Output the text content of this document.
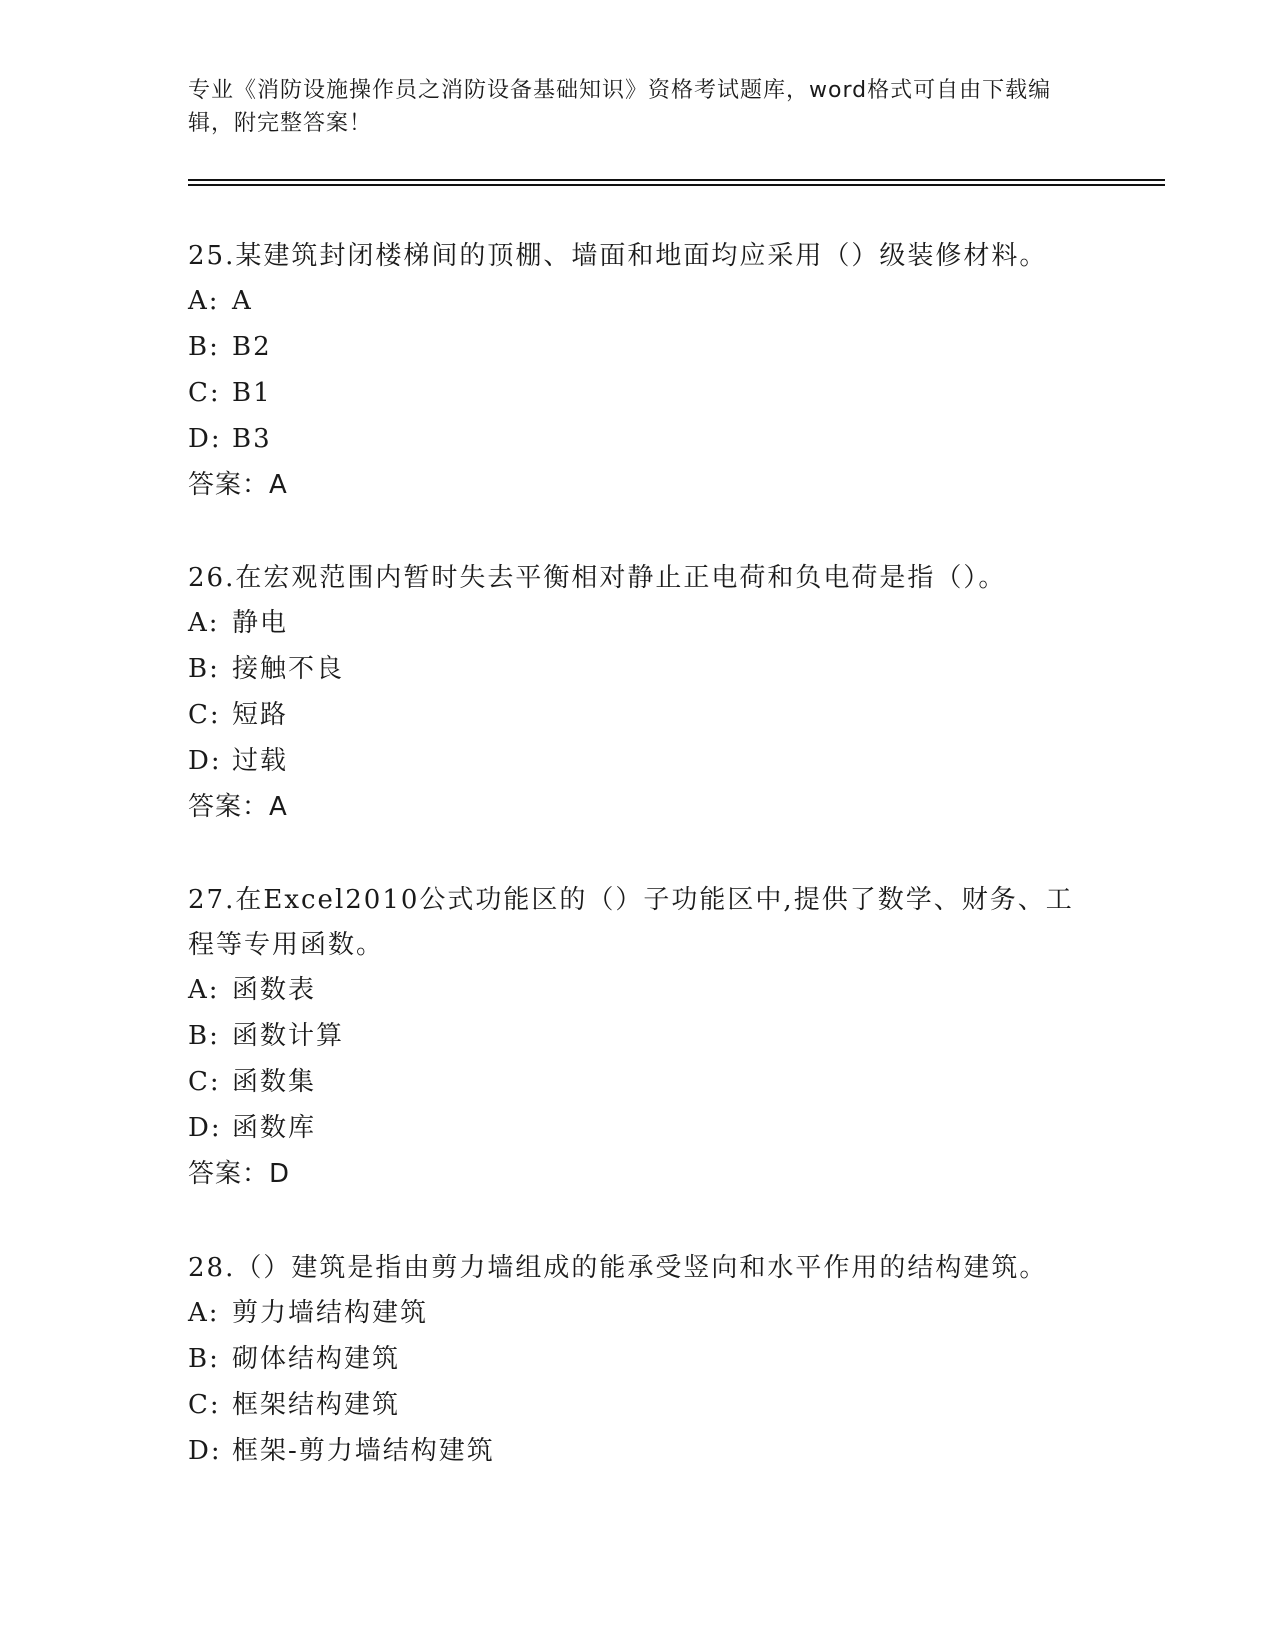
专业《消防设施操作员之消防设备基础知识》资格考试题库，word格式可自由下载编辑，附完整答案！
25.某建筑封闭楼梯间的顶棚、墙面和地面均应采用（）级装修材料。
A: A
B: B2
C: B1
D: B3
答案：A
26.在宏观范围内暂时失去平衡相对静止正电荷和负电荷是指（）。
A: 静电
B: 接触不良
C: 短路
D: 过载
答案：A
27.在Excel2010公式功能区的（）子功能区中,提供了数学、财务、工程等专用函数。
A: 函数表
B: 函数计算
C: 函数集
D: 函数库
答案：D
28.（）建筑是指由剪力墙组成的能承受竖向和水平作用的结构建筑。
A: 剪力墙结构建筑
B: 砌体结构建筑
C: 框架结构建筑
D: 框架-剪力墙结构建筑
